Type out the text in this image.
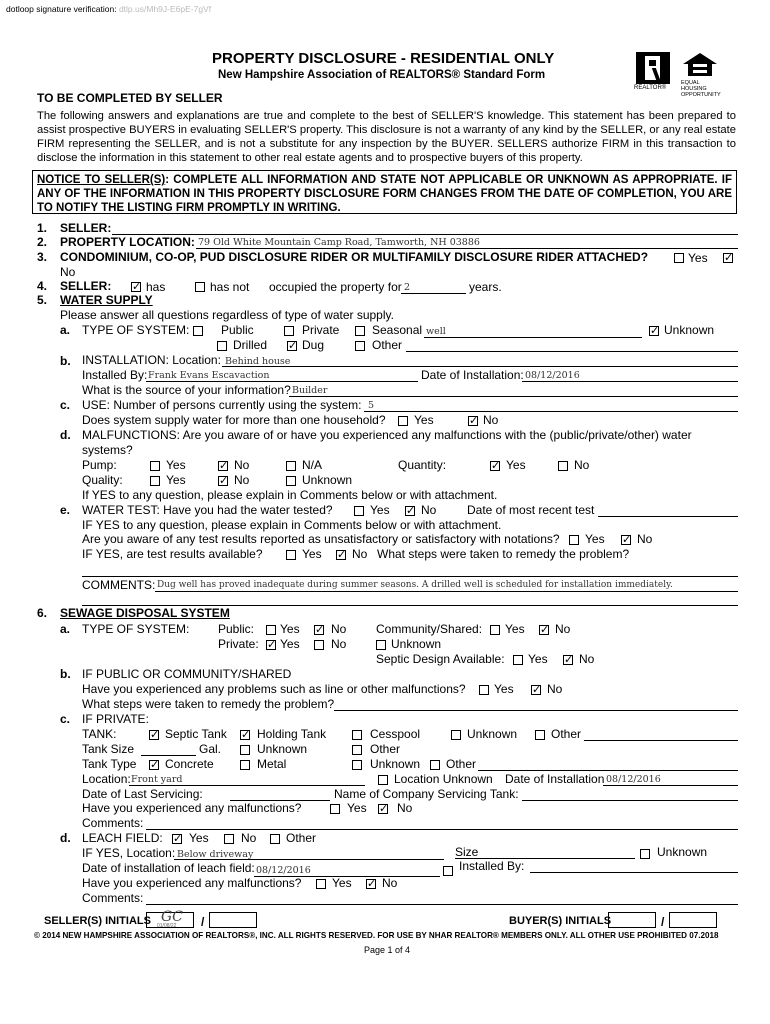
dotloop signature verification: dtlp.us/Mh9J-E6pE-7gVf
PROPERTY DISCLOSURE - RESIDENTIAL ONLY
New Hampshire Association of REALTORS® Standard Form
REALTOR®
EQUAL HOUSING OPPORTUNITY
TO BE COMPLETED BY SELLER
The following answers and explanations are true and complete to the best of SELLER'S knowledge. This statement has been prepared to assist prospective BUYERS in evaluating SELLER'S property. This disclosure is not a warranty of any kind by the SELLER, or any real estate FIRM representing the SELLER, and is not a substitute for any inspection by the BUYER. SELLERS authorize FIRM in this transaction to disclose the information in this statement to other real estate agents and to prospective buyers of this property.
NOTICE TO SELLER(S): COMPLETE ALL INFORMATION AND STATE NOT APPLICABLE OR UNKNOWN AS APPROPRIATE. IF ANY OF THE INFORMATION IN THIS PROPERTY DISCLOSURE FORM CHANGES FROM THE DATE OF COMPLETION, YOU ARE TO NOTIFY THE LISTING FIRM PROMPTLY IN WRITING.
1. SELLER:
2. PROPERTY LOCATION: 79 Old White Mountain Camp Road, Tamworth, NH 03886
3. CONDOMINIUM, CO-OP, PUD DISCLOSURE RIDER OR MULTIFAMILY DISCLOSURE RIDER ATTACHED?	Yes
✓
No
4. SELLER: ✓	has	has not occupied the property for 2	years.
5. WATER SUPPLY
Please answer all questions regardless of type of water supply.
a. TYPE OF SYSTEM:	Public	Private	Seasonal well ✓	Unknown
Drilled ✓	Dug	Other
b. INSTALLATION: Location: Behind house
Installed By: Frank Evans Escavaction	Date of Installation: 08/12/2016
What is the source of your information? Builder
c. USE: Number of persons currently using the system: 5
Does system supply water for more than one household? Yes ✓	No
d. MALFUNCTIONS: Are you aware of or have you experienced any malfunctions with the (public/private/other) water
systems?
Pump:	Yes ✓	No	N/A	Quantity: ✓	Yes	No
Quality:	Yes ✓	No	Unknown
If YES to any question, please explain in Comments below or with attachment.
e. WATER TEST: Have you had the water tested?	Yes ✓	No	Date of most recent test
IF YES to any question, please explain in Comments below or with attachment.
Are you aware of any test results reported as unsatisfactory or satisfactory with notations? Yes ✓	No
IF YES, are test results available?	Yes ✓	No What steps were taken to remedy the problem?
COMMENTS: Dug well has proved inadequate during summer seasons. A drilled well is scheduled for installation immediately.
6. SEWAGE DISPOSAL SYSTEM
a. TYPE OF SYSTEM: Public: Yes ✓	No Community/Shared: Yes ✓	No
Private: ✓ Yes	No	Unknown
Septic Design Available: Yes ✓	No
b. IF PUBLIC OR COMMUNITY/SHARED
Have you experienced any problems such as line or other malfunctions? Yes ✓	No
What steps were taken to remedy the problem?
c. IF PRIVATE:
TANK: ✓	Septic Tank ✓	Holding Tank	Cesspool	Unknown	Other
Tank Size	Gal.	Unknown	Other
Tank Type ✓ Concrete	Metal	Unknown Other
Location: Front yard	Location Unknown Date of Installation 08/12/2016
Date of Last Servicing:	Name of Company Servicing Tank:
Have you experienced any malfunctions?	Yes ✓	No
Comments:
d. LEACH FIELD: ✓ Yes	No Other
IF YES, Location: Below driveway	Size	Unknown
Date of installation of leach field: 08/12/2016	Installed By:
Have you experienced any malfunctions?	Yes ✓	No
Comments:
SELLER(S) INITIALS GC
01/08/22 /	BUYER(S) INITIALS	/
© 2014 NEW HAMPSHIRE ASSOCIATION OF REALTORS®, INC. ALL RIGHTS RESERVED. FOR USE BY NHAR REALTOR® MEMBERS ONLY. ALL OTHER USE PROHIBITED 07.2018
Page 1 of 4
